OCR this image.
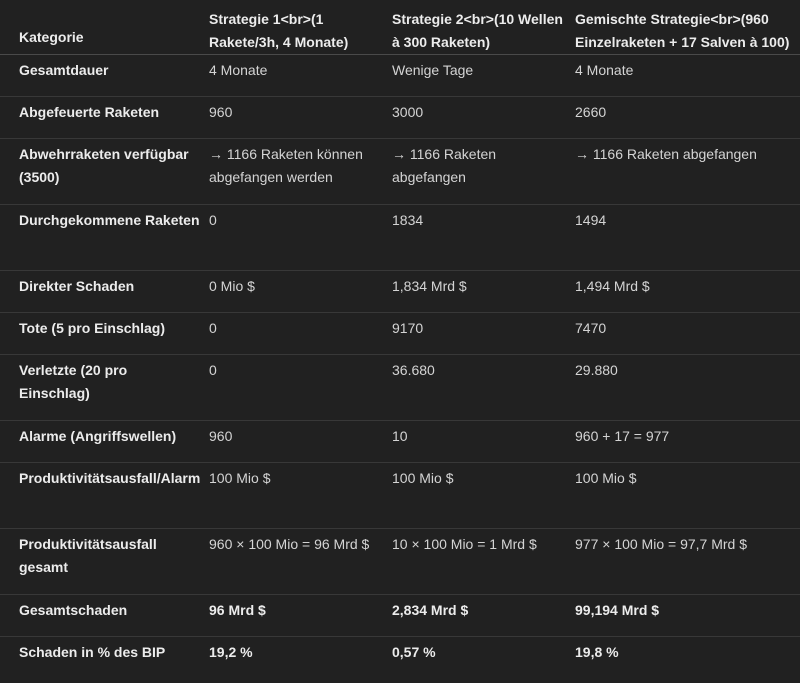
Kategorie	Strategie 1<br>(1 Rakete/3h, 4 Monate)	Strategie 2<br>(10 Wellen à 300 Raketen)	Gemischte Strategie<br>(960 Einzelraketen + 17 Salven à 100)
Gesamtdauer	4 Monate	Wenige Tage	4 Monate
Abgefeuerte Raketen	960	3000	2660
Abwehrraketen verfügbar (3500)	→ 1166 Raketen können abgefangen werden	→ 1166 Raketen abgefangen	→ 1166 Raketen abgefangen
Durchgekommene Raketen	0	1834	1494
Direkter Schaden	0 Mio $	1,834 Mrd $	1,494 Mrd $
Tote (5 pro Einschlag)	0	9170	7470
Verletzte (20 pro Einschlag)	0	36.680	29.880
Alarme (Angriffswellen)	960	10	960 + 17 = 977
Produktivitätsausfall/Alarm	100 Mio $	100 Mio $	100 Mio $
Produktivitätsausfall gesamt	960 × 100 Mio = 96 Mrd $	10 × 100 Mio = 1 Mrd $	977 × 100 Mio = 97,7 Mrd $
Gesamtschaden	96 Mrd $	2,834 Mrd $	99,194 Mrd $
Schaden in % des BIP	19,2 %	0,57 %	19,8 %
